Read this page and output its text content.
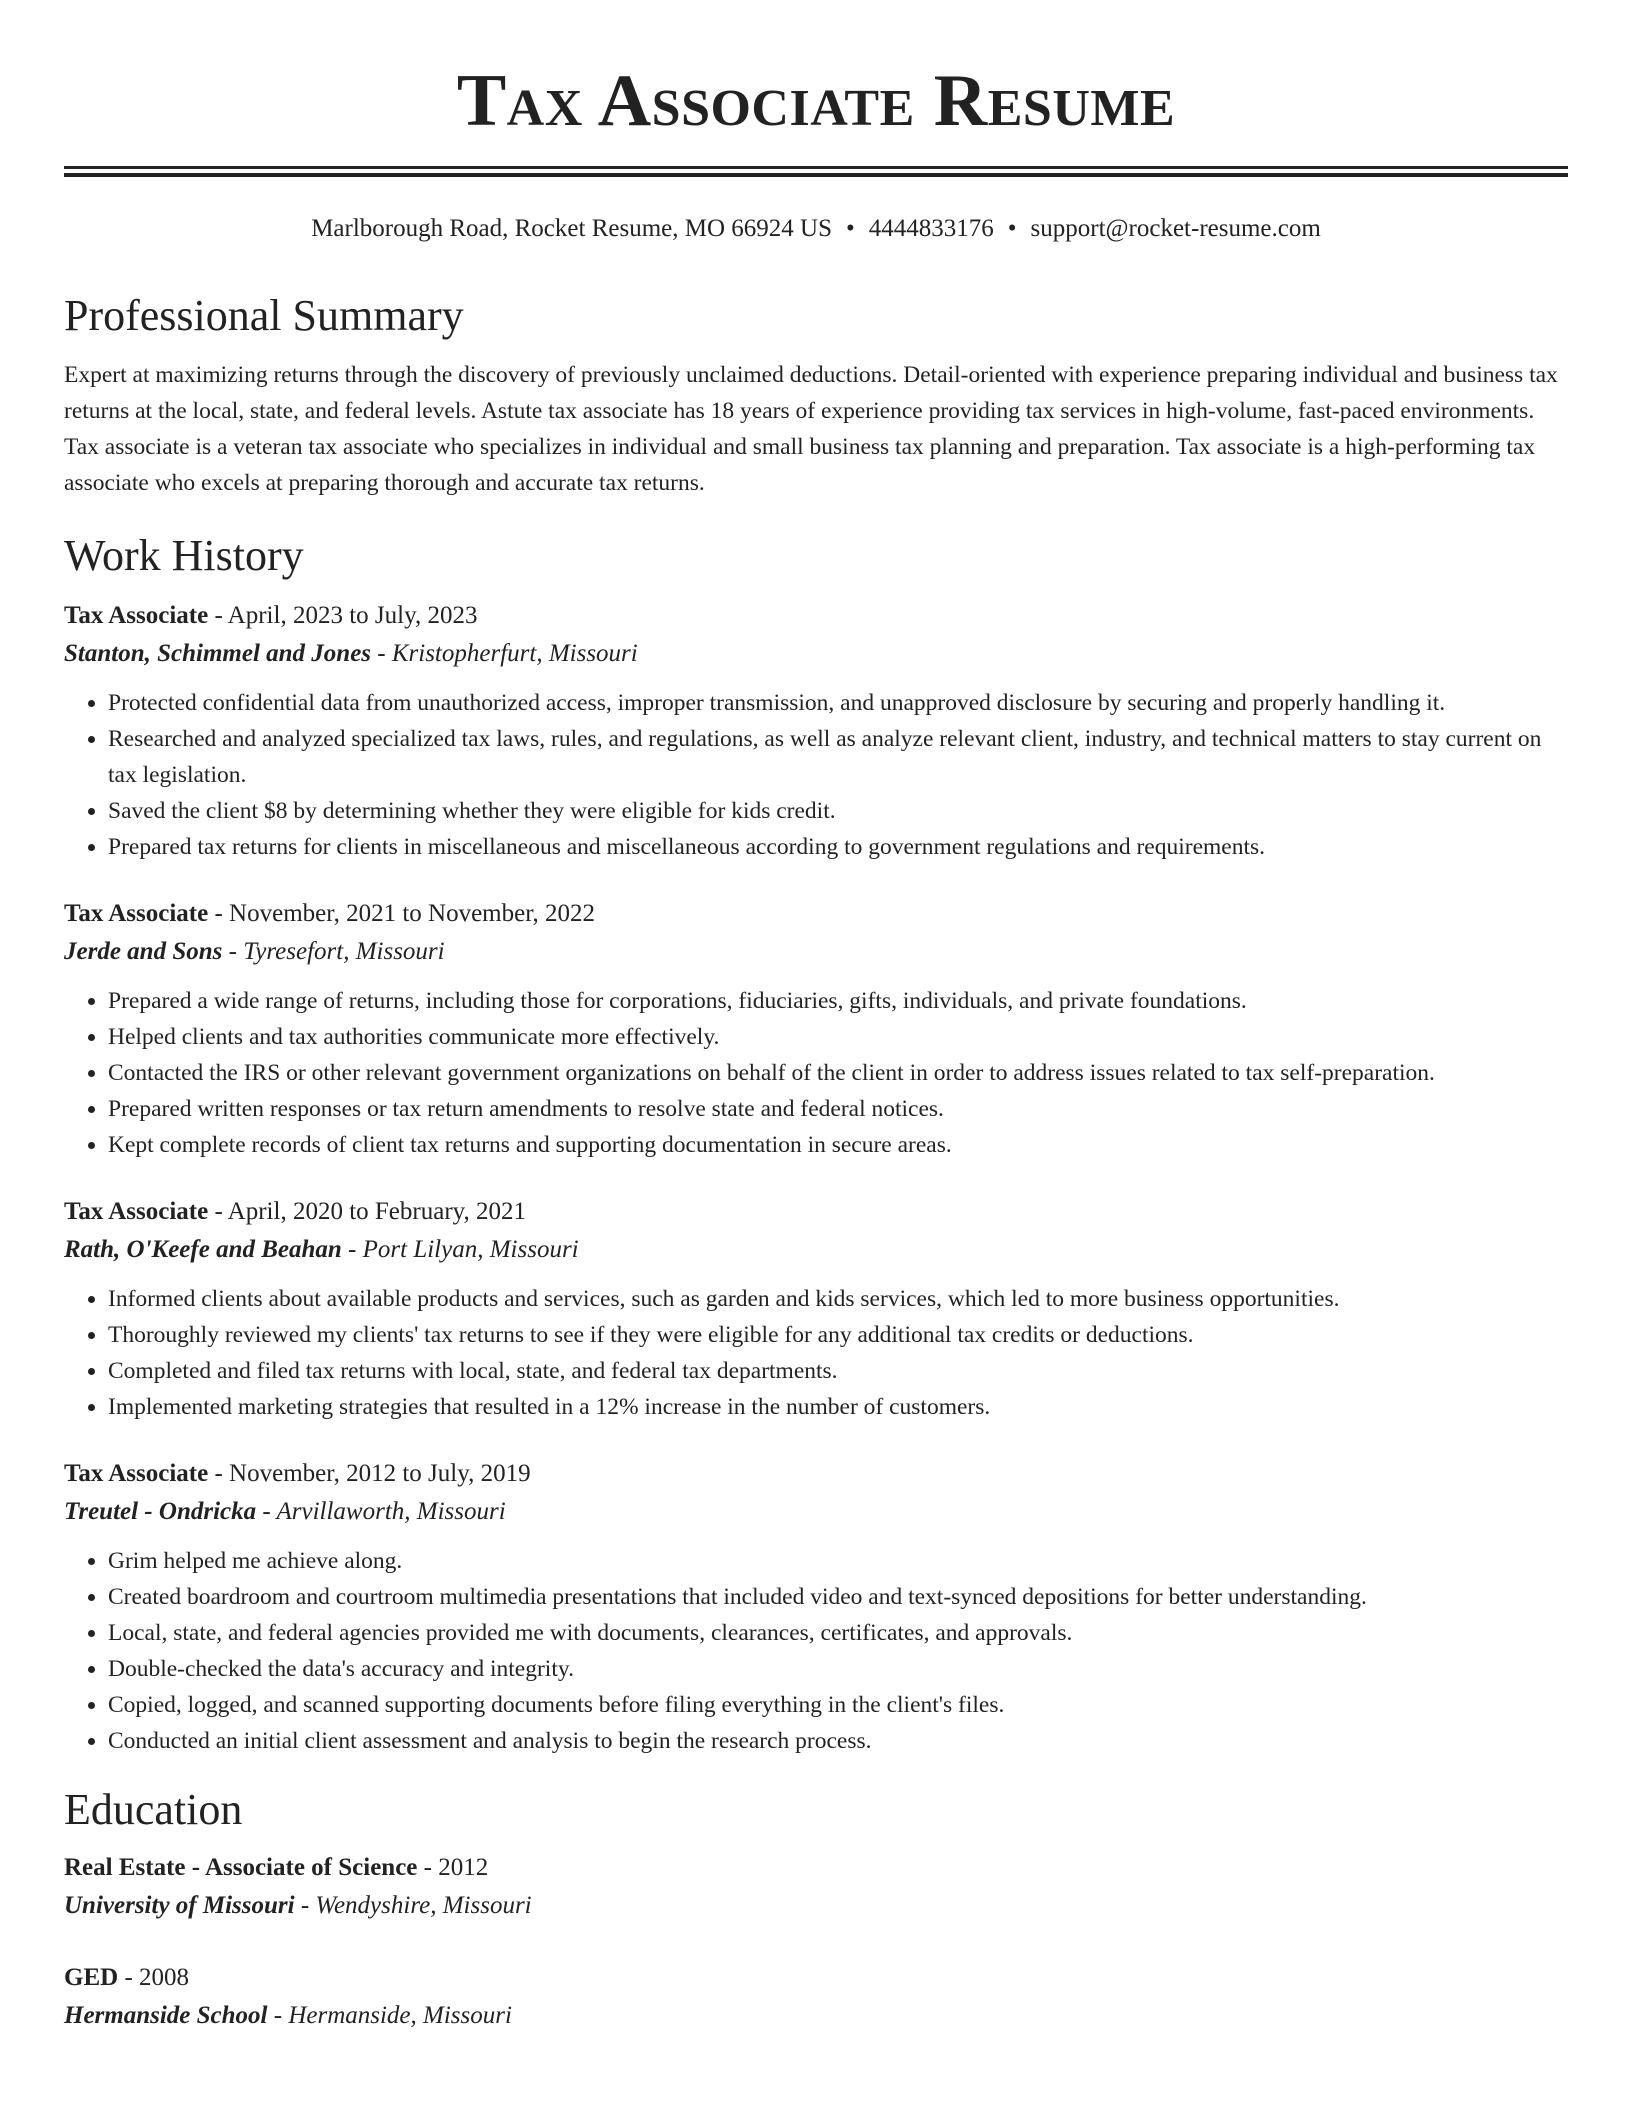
Tax Associate Resume
Marlborough Road, Rocket Resume, MO 66924 US • 4444833176 • support@rocket-resume.com
Professional Summary

Expert at maximizing returns through the discovery of previously unclaimed deductions. Detail-oriented with experience preparing individual and business tax returns at the local, state, and federal levels. Astute tax associate has 18 years of experience providing tax services in high-volume, fast-paced environments. Tax associate is a veteran tax associate who specializes in individual and small business tax planning and preparation. Tax associate is a high-performing tax associate who excels at preparing thorough and accurate tax returns.

Work History
Tax Associate - April, 2023 to July, 2023
Stanton, Schimmel and Jones - Kristopherfurt, Missouri
• Protected confidential data from unauthorized access, improper transmission, and unapproved disclosure by securing and properly handling it.
• Researched and analyzed specialized tax laws, rules, and regulations, as well as analyze relevant client, industry, and technical matters to stay current on tax legislation.
• Saved the client $8 by determining whether they were eligible for kids credit.
• Prepared tax returns for clients in miscellaneous and miscellaneous according to government regulations and requirements.
Tax Associate - November, 2021 to November, 2022
Jerde and Sons - Tyresefort, Missouri
• Prepared a wide range of returns, including those for corporations, fiduciaries, gifts, individuals, and private foundations.
• Helped clients and tax authorities communicate more effectively.
• Contacted the IRS or other relevant government organizations on behalf of the client in order to address issues related to tax self-preparation.
• Prepared written responses or tax return amendments to resolve state and federal notices.
• Kept complete records of client tax returns and supporting documentation in secure areas.
Tax Associate - April, 2020 to February, 2021
Rath, O'Keefe and Beahan - Port Lilyan, Missouri
• Informed clients about available products and services, such as garden and kids services, which led to more business opportunities.
• Thoroughly reviewed my clients' tax returns to see if they were eligible for any additional tax credits or deductions.
• Completed and filed tax returns with local, state, and federal tax departments.
• Implemented marketing strategies that resulted in a 12% increase in the number of customers.
Tax Associate - November, 2012 to July, 2019
Treutel - Ondricka - Arvillaworth, Missouri
• Grim helped me achieve along.
• Created boardroom and courtroom multimedia presentations that included video and text-synced depositions for better understanding.
• Local, state, and federal agencies provided me with documents, clearances, certificates, and approvals.
• Double-checked the data's accuracy and integrity.
• Copied, logged, and scanned supporting documents before filing everything in the client's files.
• Conducted an initial client assessment and analysis to begin the research process.
Education
Real Estate - Associate of Science - 2012
University of Missouri - Wendyshire, Missouri
GED - 2008
Hermanside School - Hermanside, Missouri
